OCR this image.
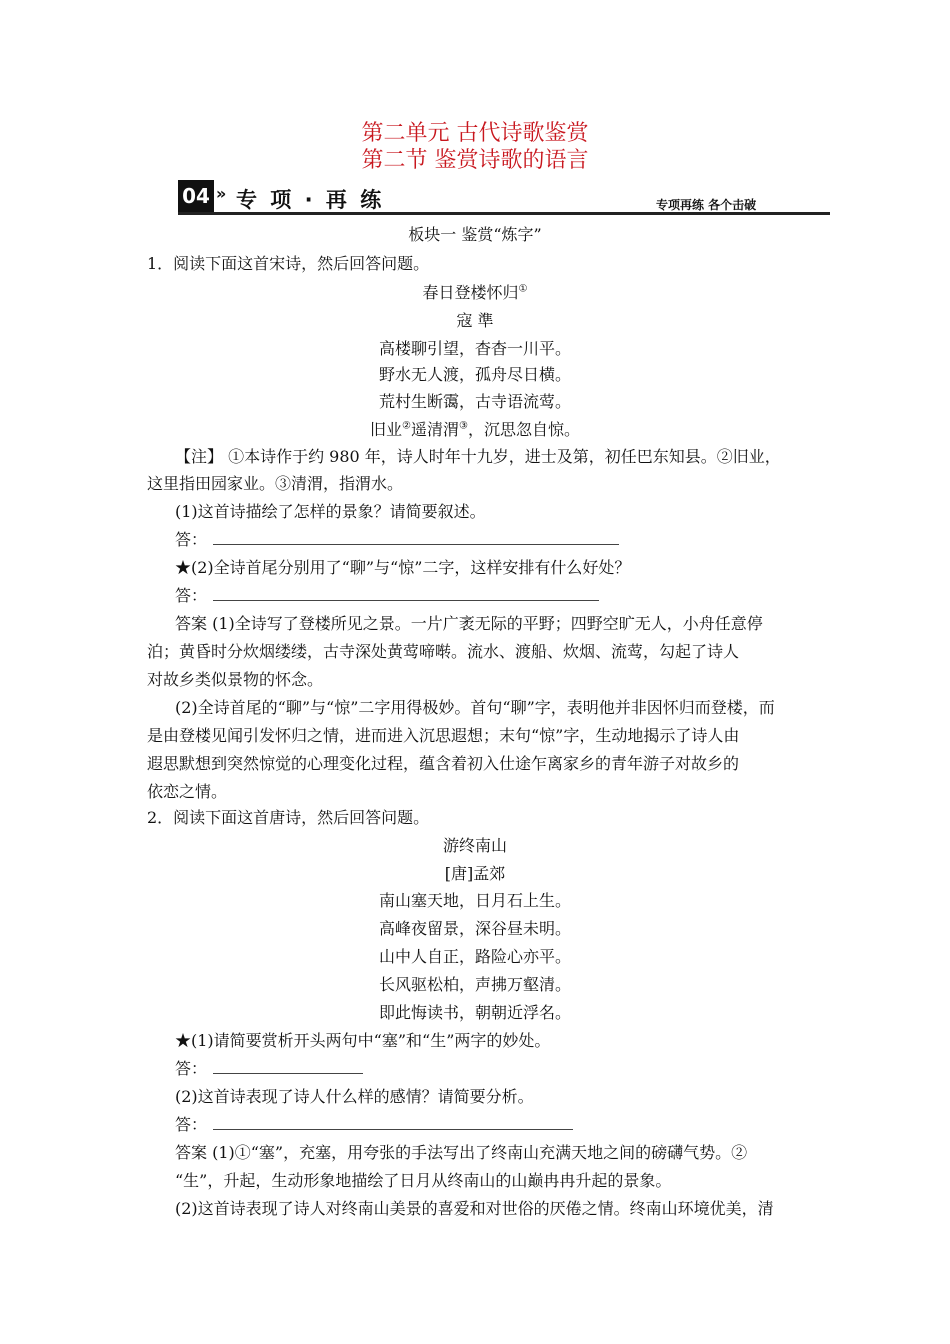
第二单元 古代诗歌鉴赏
第二节 鉴赏诗歌的语言
04 » 专 项 · 再 练	专项再练 各个击破
板块一 鉴赏“炼字”
1．阅读下面这首宋诗，然后回答问题。
春日登楼怀归①
寇 準
高楼聊引望，杳杳一川平。
野水无人渡，孤舟尽日横。
荒村生断霭，古寺语流莺。
旧业②遥清渭③，沉思忽自惊。
【注】 ①本诗作于约 980 年，诗人时年十九岁，进士及第，初任巴东知县。②旧业，
这里指田园家业。③清渭，指渭水。
(1)这首诗描绘了怎样的景象？请简要叙述。
答：
★(2)全诗首尾分别用了“聊”与“惊”二字，这样安排有什么好处？
答：
答案 (1)全诗写了登楼所见之景。一片广袤无际的平野；四野空旷无人，小舟任意停
泊；黄昏时分炊烟缕缕，古寺深处黄莺啼啭。流水、渡船、炊烟、流莺，勾起了诗人
对故乡类似景物的怀念。
(2)全诗首尾的“聊”与“惊”二字用得极妙。首句“聊”字，表明他并非因怀归而登楼，而
是由登楼见闻引发怀归之情，进而进入沉思遐想；末句“惊”字，生动地揭示了诗人由
遐思默想到突然惊觉的心理变化过程，蕴含着初入仕途乍离家乡的青年游子对故乡的
依恋之情。
2．阅读下面这首唐诗，然后回答问题。
游终南山
[唐]孟郊
南山塞天地，日月石上生。
高峰夜留景，深谷昼未明。
山中人自正，路险心亦平。
长风驱松柏，声拂万壑清。
即此悔读书，朝朝近浮名。
★(1)请简要赏析开头两句中“塞”和“生”两字的妙处。
答：
(2)这首诗表现了诗人什么样的感情？请简要分析。
答：
答案 (1)①“塞”，充塞，用夸张的手法写出了终南山充满天地之间的磅礴气势。②
“生”，升起，生动形象地描绘了日月从终南山的山巅冉冉升起的景象。
(2)这首诗表现了诗人对终南山美景的喜爱和对世俗的厌倦之情。终南山环境优美，清
